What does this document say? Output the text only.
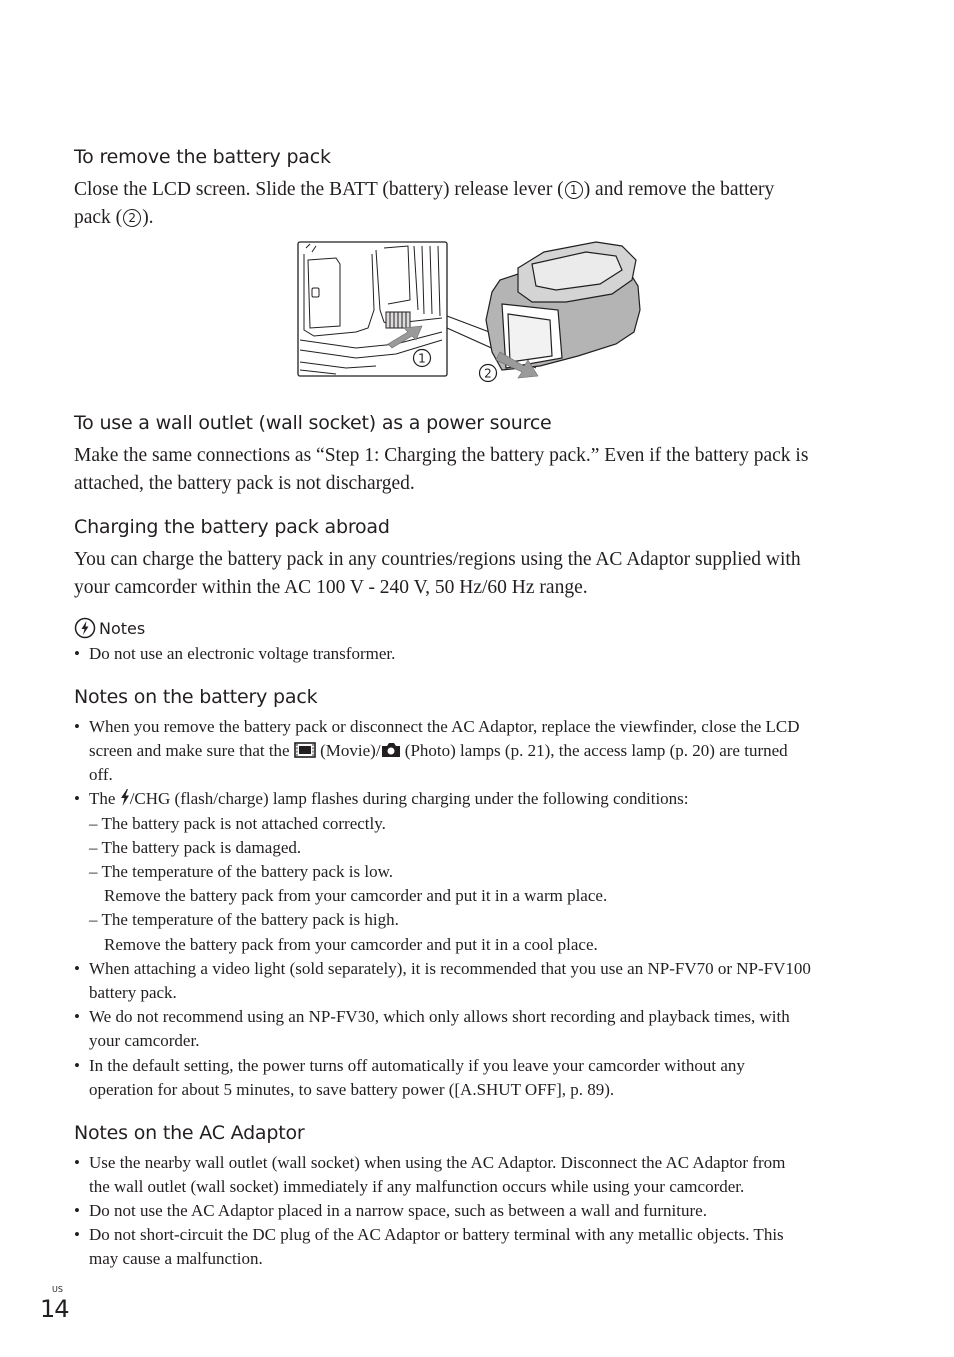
To remove the battery pack
Close the LCD screen. Slide the BATT (battery) release lever ( 1 ) and remove the battery
pack ( 2 ).
1
2
To use a wall outlet (wall socket) as a power source
Make the same connections as “Step 1: Charging the battery pack.” Even if the battery pack is
attached, the battery pack is not discharged.
Charging the battery pack abroad
You can charge the battery pack in any countries/regions using the AC Adaptor supplied with
your camcorder within the AC 100 V - 240 V, 50 Hz/60 Hz range.
Notes
• Do not use an electronic voltage transformer.
Notes on the battery pack
• When you remove the battery pack or disconnect the AC Adaptor, replace the viewfinder, close the LCD
screen and make sure that the  (Movie)/ (Photo) lamps (p. 21), the access lamp (p. 20) are turned
off.
• The /CHG (flash/charge) lamp flashes during charging under the following conditions:
– The battery pack is not attached correctly.
– The battery pack is damaged.
– The temperature of the battery pack is low.
Remove the battery pack from your camcorder and put it in a warm place.
– The temperature of the battery pack is high.
Remove the battery pack from your camcorder and put it in a cool place.
• When attaching a video light (sold separately), it is recommended that you use an NP-FV70 or NP-FV100
battery pack.
• We do not recommend using an NP-FV30, which only allows short recording and playback times, with
your camcorder.
• In the default setting, the power turns off automatically if you leave your camcorder without any
operation for about 5 minutes, to save battery power ([A.SHUT OFF], p. 89).
Notes on the AC Adaptor
• Use the nearby wall outlet (wall socket) when using the AC Adaptor. Disconnect the AC Adaptor from
the wall outlet (wall socket) immediately if any malfunction occurs while using your camcorder.
• Do not use the AC Adaptor placed in a narrow space, such as between a wall and furniture.
• Do not short-circuit the DC plug of the AC Adaptor or battery terminal with any metallic objects. This
may cause a malfunction.
US
14
